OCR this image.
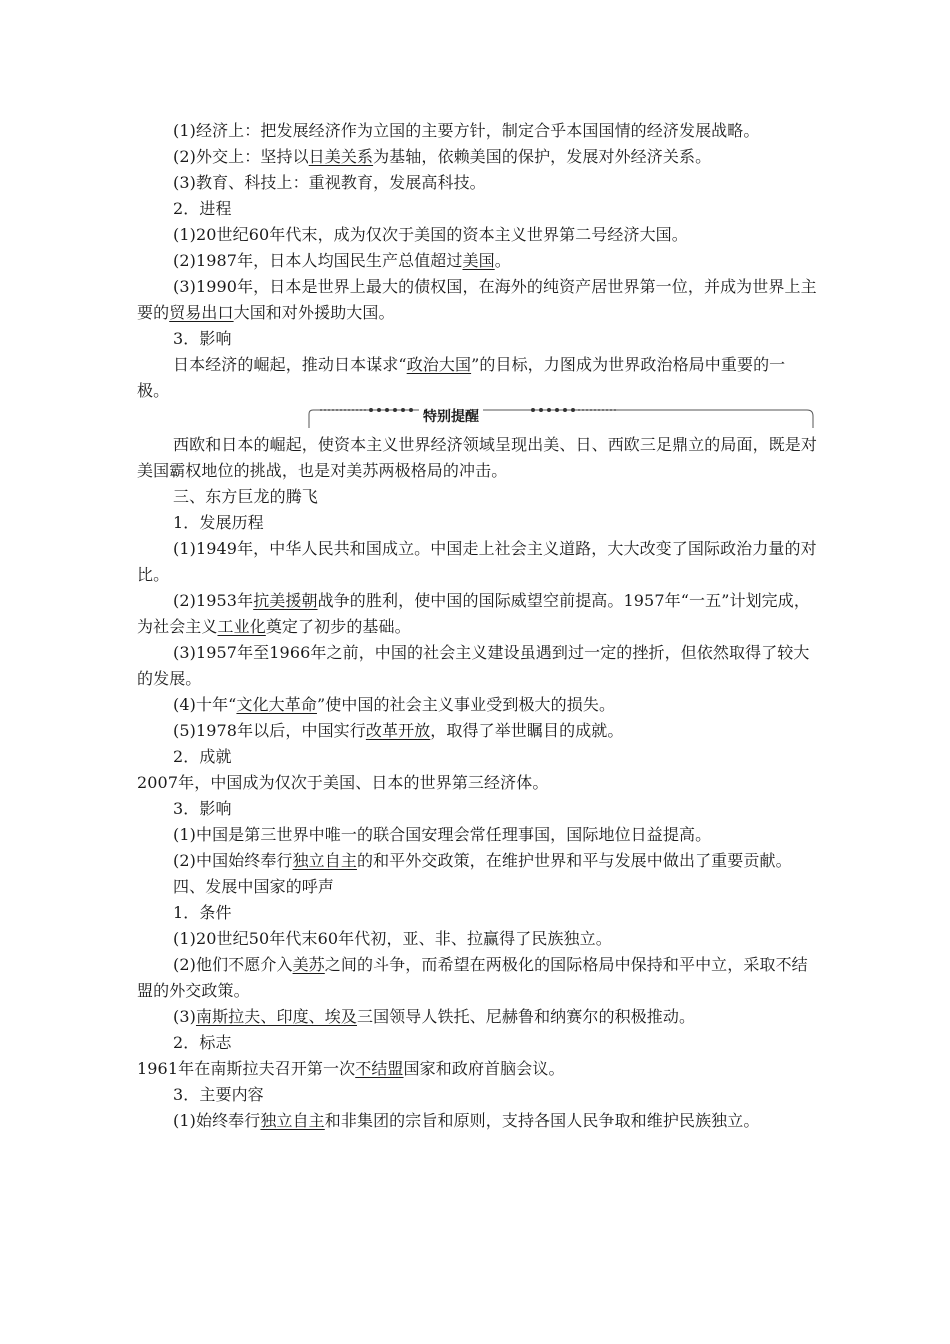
(1)经济上：把发展经济作为立国的主要方针，制定合乎本国国情的经济发展战略。

(2)外交上：坚持以日美关系为基轴，依赖美国的保护，发展对外经济关系。

(3)教育、科技上：重视教育，发展高科技。

2．进程

(1)20世纪60年代末，成为仅次于美国的资本主义世界第二号经济大国。

(2)1987年，日本人均国民生产总值超过美国。

(3)1990年，日本是世界上最大的债权国，在海外的纯资产居世界第一位，并成为世界上主要的贸易出口大国和对外援助大国。

3．影响

日本经济的崛起，推动日本谋求“政治大国”的目标，力图成为世界政治格局中重要的一极。

特别提醒

西欧和日本的崛起，使资本主义世界经济领域呈现出美、日、西欧三足鼎立的局面，既是对美国霸权地位的挑战，也是对美苏两极格局的冲击。

三、东方巨龙的腾飞

1．发展历程

(1)1949年，中华人民共和国成立。中国走上社会主义道路，大大改变了国际政治力量的对比。

(2)1953年抗美援朝战争的胜利，使中国的国际威望空前提高。1957年“一五”计划完成，为社会主义工业化奠定了初步的基础。

(3)1957年至1966年之前，中国的社会主义建设虽遇到过一定的挫折，但依然取得了较大的发展。

(4)十年“文化大革命”使中国的社会主义事业受到极大的损失。

(5)1978年以后，中国实行改革开放，取得了举世瞩目的成就。

2．成就

2007年，中国成为仅次于美国、日本的世界第三经济体。

3．影响

(1)中国是第三世界中唯一的联合国安理会常任理事国，国际地位日益提高。

(2)中国始终奉行独立自主的和平外交政策，在维护世界和平与发展中做出了重要贡献。

四、发展中国家的呼声

1．条件

(1)20世纪50年代末60年代初，亚、非、拉赢得了民族独立。

(2)他们不愿介入美苏之间的斗争，而希望在两极化的国际格局中保持和平中立，采取不结盟的外交政策。

(3)南斯拉夫、印度、埃及三国领导人铁托、尼赫鲁和纳赛尔的积极推动。

2．标志

1961年在南斯拉夫召开第一次不结盟国家和政府首脑会议。

3．主要内容

(1)始终奉行独立自主和非集团的宗旨和原则，支持各国人民争取和维护民族独立。
